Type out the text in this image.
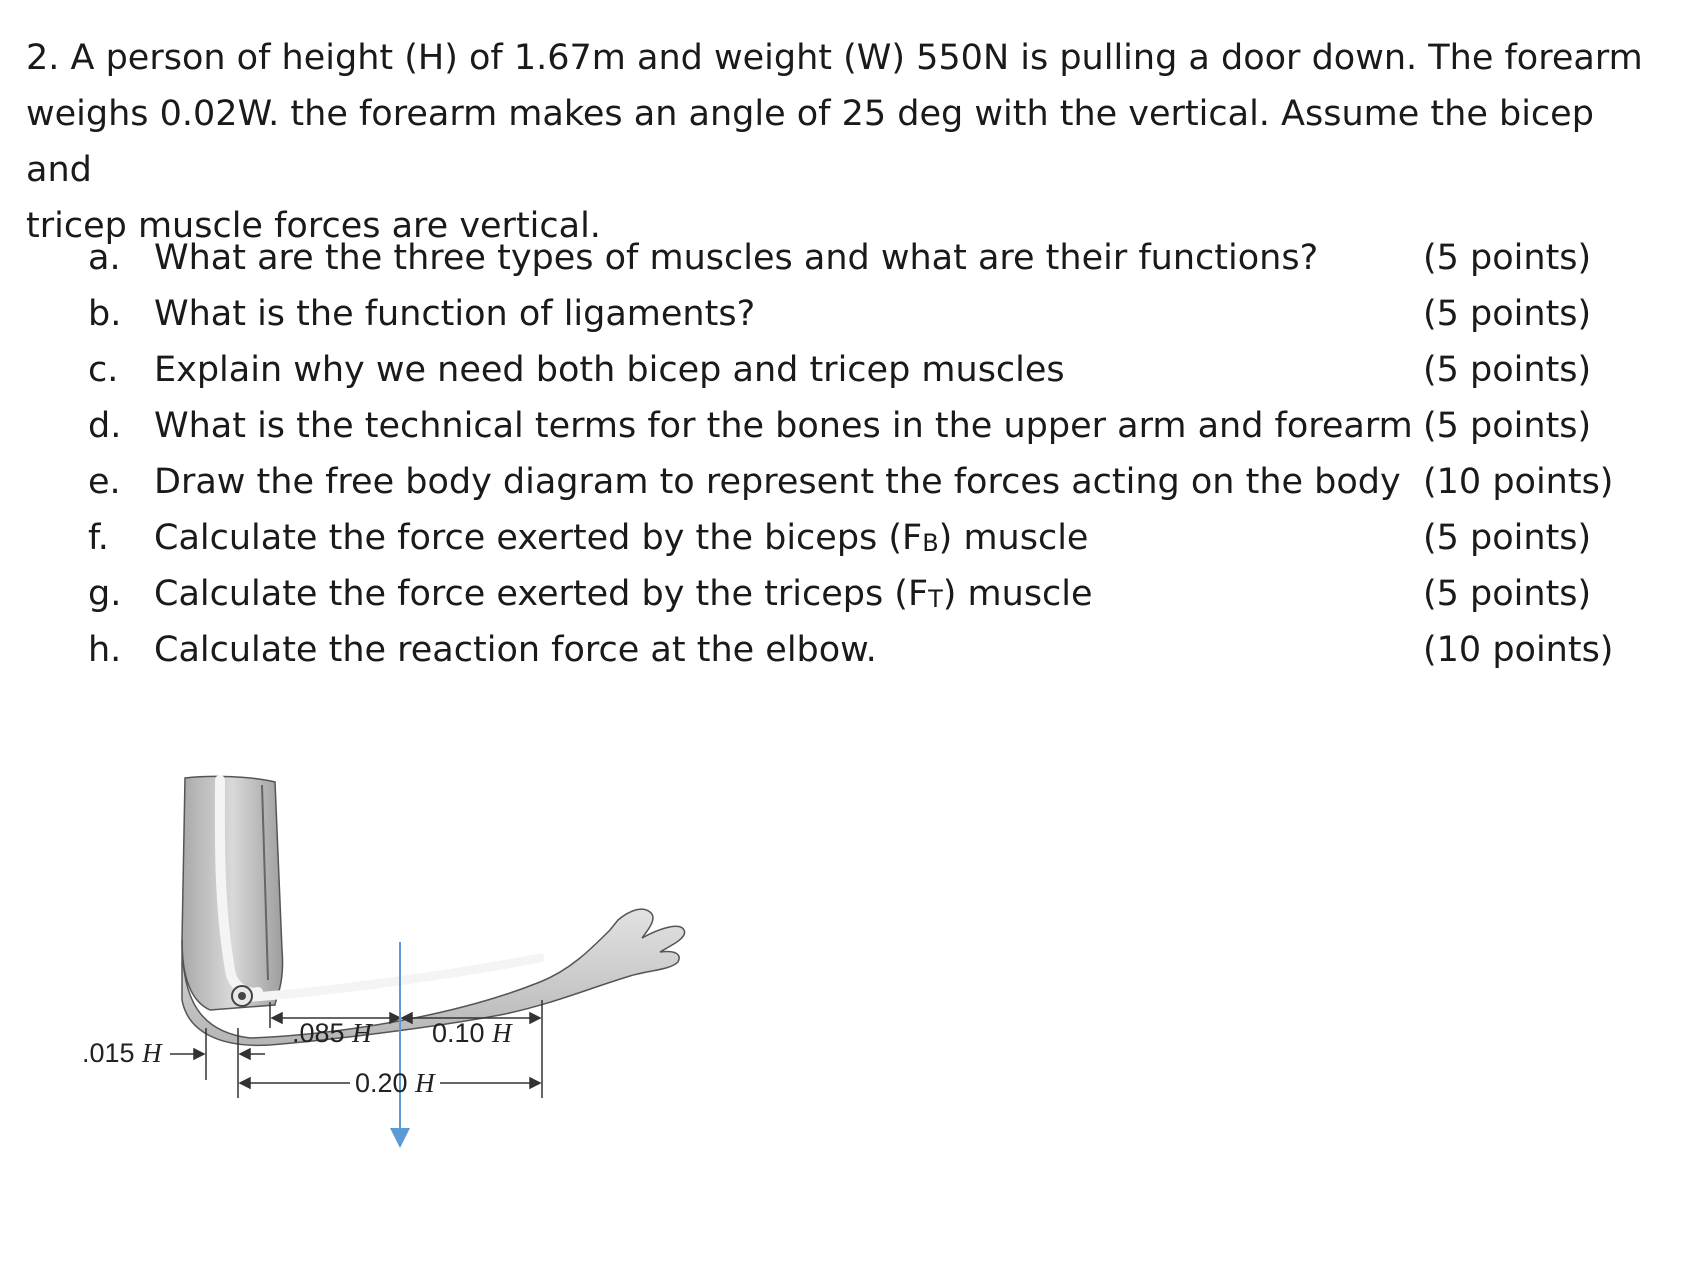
2. A person of height (H) of 1.67m and weight (W) 550N is pulling a door down. The forearm
weighs 0.02W. the forearm makes an angle of 25 deg with the vertical. Assume the bicep and
tricep muscle forces are vertical.
a. What are the three types of muscles and what are their functions?	(5 points)
b. What is the function of ligaments?	(5 points)
c. Explain why we need both bicep and tricep muscles	(5 points)
d. What is the technical terms for the bones in the upper arm and forearm (5 points)
e. Draw the free body diagram to represent the forces acting on the body (10 points)
f. Calculate the force exerted by the biceps $(F_B)$ muscle	(5 points)
g. Calculate the force exerted by the triceps $(F_T)$ muscle	(5 points)
h. Calculate the reaction force at the elbow.	(10 points)
.015 H
.085 H 0.10 H
0.20 H
